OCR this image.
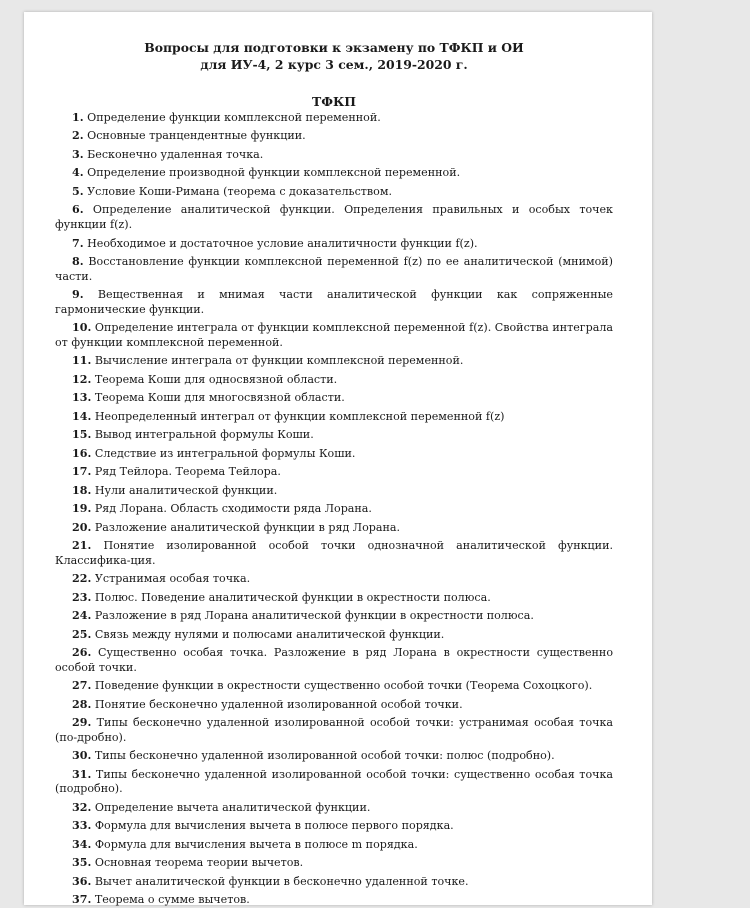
Вопросы для подготовки к экзамену по ТФКП и ОИ
для ИУ-4, 2 курс 3 сем., 2019-2020 г.
ТФКП
1. Определение функции комплексной переменной.
2. Основные транцендентные функции.
3. Бесконечно удаленная точка.
4. Определение производной функции комплексной переменной.
5. Условие Коши-Римана (теорема с доказательством.
6. Определение аналитической функции. Определения правильных и особых точек функции f(z).
7. Необходимое и достаточное условие аналитичности функции f(z).
8. Восстановление функции комплексной переменной f(z) по ее аналитической (мнимой) части.
9. Вещественная и мнимая части аналитической функции как сопряженные гармонические функции.
10. Определение интеграла от функции комплексной переменной f(z). Свойства интеграла от функции комплексной переменной.
11. Вычисление интеграла от функции комплексной переменной.
12. Теорема Коши для односвязной области.
13. Теорема Коши для многосвязной области.
14. Неопределенный интеграл от функции комплексной переменной f(z)
15. Вывод интегральной формулы Коши.
16. Следствие из интегральной формулы Коши.
17. Ряд Тейлора. Теорема Тейлора.
18. Нули аналитической функции.
19. Ряд Лорана. Область сходимости ряда Лорана.
20. Разложение аналитической функции в ряд Лорана.
21. Понятие изолированной особой точки однозначной аналитической функции. Классифика-ция.
22. Устранимая особая точка.
23. Полюс. Поведение аналитической функции в окрестности полюса.
24. Разложение в ряд Лорана аналитической функции в окрестности полюса.
25. Связь между нулями и полюсами аналитической функции.
26. Существенно особая точка. Разложение в ряд Лорана в окрестности существенно особой точки.
27. Поведение функции в окрестности существенно особой точки (Теорема Сохоцкого).
28. Понятие бесконечно удаленной изолированной особой точки.
29. Типы бесконечно удаленной изолированной особой точки: устранимая особая точка (по-дробно).
30. Типы бесконечно удаленной изолированной особой точки: полюс (подробно).
31. Типы бесконечно удаленной изолированной особой точки: существенно особая точка (подробно).
32. Определение вычета аналитической функции.
33. Формула для вычисления вычета в полюсе первого порядка.
34. Формула для вычисления вычета в полюсе m порядка.
35. Основная теорема теории вычетов.
36. Вычет аналитической функции в бесконечно удаленной точке.
37. Теорема о сумме вычетов.
